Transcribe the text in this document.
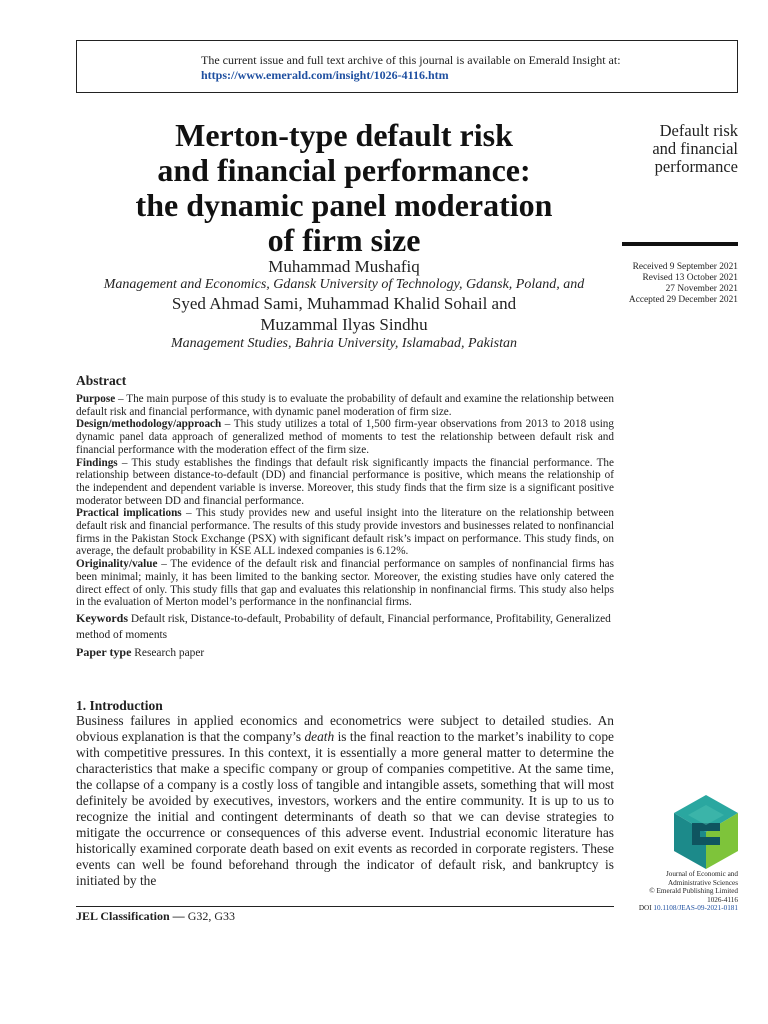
The current issue and full text archive of this journal is available on Emerald Insight at:
https://www.emerald.com/insight/1026-4116.htm
Merton-type default risk
and financial performance:
the dynamic panel moderation
of firm size
Default risk
and financial
performance
Received 9 September 2021
Revised 13 October 2021
27 November 2021
Accepted 29 December 2021
Muhammad Mushafiq
Management and Economics, Gdansk University of Technology, Gdansk, Poland, and
Syed Ahmad Sami, Muhammad Khalid Sohail and
Muzammal Ilyas Sindhu
Management Studies, Bahria University, Islamabad, Pakistan
Abstract

Purpose – The main purpose of this study is to evaluate the probability of default and examine the relationship between default risk and financial performance, with dynamic panel moderation of firm size.

Design/methodology/approach – This study utilizes a total of 1,500 firm-year observations from 2013 to 2018 using dynamic panel data approach of generalized method of moments to test the relationship between default risk and financial performance with the moderation effect of the firm size.

Findings – This study establishes the findings that default risk significantly impacts the financial performance. The relationship between distance-to-default (DD) and financial performance is positive, which means the relationship of the independent and dependent variable is inverse. Moreover, this study finds that the firm size is a significant positive moderator between DD and financial performance.

Practical implications – This study provides new and useful insight into the literature on the relationship between default risk and financial performance. The results of this study provide investors and businesses related to nonfinancial firms in the Pakistan Stock Exchange (PSX) with significant default risk’s impact on performance. This study finds, on average, the default probability in KSE ALL indexed companies is 6.12%.

Originality/value – The evidence of the default risk and financial performance on samples of nonfinancial firms has been minimal; mainly, it has been limited to the banking sector. Moreover, the existing studies have only catered the direct effect of only. This study fills that gap and evaluates this relationship in nonfinancial firms. This study also helps in the evaluation of Merton model’s performance in the nonfinancial firms.

Keywords Default risk, Distance-to-default, Probability of default, Financial performance, Profitability, Generalized method of moments

Paper type Research paper

1. Introduction

Business failures in applied economics and econometrics were subject to detailed studies. An obvious explanation is that the company’s death is the final reaction to the market’s inability to cope with competitive pressures. In this context, it is essentially a more general matter to determine the characteristics that make a specific company or group of companies competitive. At the same time, the collapse of a company is a costly loss of tangible and intangible assets, something that will most definitely be avoided by executives, investors, workers and the entire community. It is up to us to recognize the initial and contingent determinants of death so that we can devise strategies to mitigate the occurrence or consequences of this adverse event. Industrial economic literature has historically examined corporate death based on exit events as recorded in corporate registers. These events can well be found beforehand through the indicator of default risk, and bankruptcy is initiated by the

JEL Classification — G32, G33
Journal of Economic and
Administrative Sciences
© Emerald Publishing Limited
1026-4116
DOI 10.1108/JEAS-09-2021-0181
